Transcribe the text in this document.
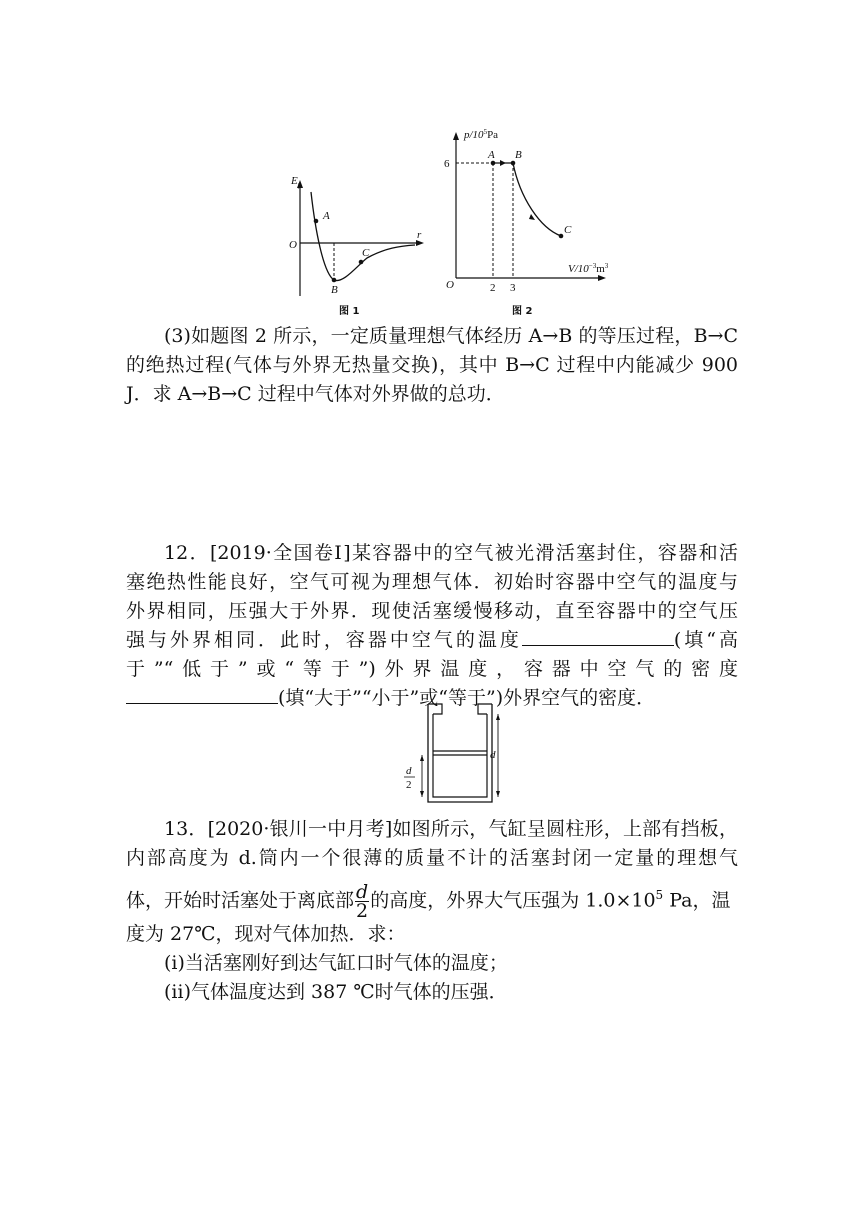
$E_p$
r
O
A
B
C
图 1
$p/10^5Pa$
$V/10^{-3}m^3$
O
6
2 3
A B
C
图 2

(3)如题图 2 所示，一定质量理想气体经历 A→B 的等压过程，B→C

的绝热过程(气体与外界无热量交换)，其中 B→C 过程中内能减少 900

J．求 A→B→C 过程中气体对外界做的总功．

12．[2019·全国卷Ⅰ]某容器中的空气被光滑活塞封住，容器和活

塞绝热性能良好，空气可视为理想气体．初始时容器中空气的温度与

外界相同，压强大于外界．现使活塞缓慢移动，直至容器中的空气压

强与外界相同．此时，容器中空气的温度	(填“高

于”“低于”或“等于”)外界温度，容器中空气的密度

(填“大于”“小于”或“等于”)外界空气的密度．

d
d
2

13．[2020·银川一中月考]如图所示，气缸呈圆柱形，上部有挡板，

内部高度为 d.筒内一个很薄的质量不计的活塞封闭一定量的理想气

体，开始时活塞处于离底部 $\frac{d}{2}$ 的高度，外界大气压强为 $1.0\times 10^5$ Pa，温

度为 27℃，现对气体加热．求：

(ⅰ)当活塞刚好到达气缸口时气体的温度；

(ⅱ)气体温度达到 387 ℃时气体的压强．
